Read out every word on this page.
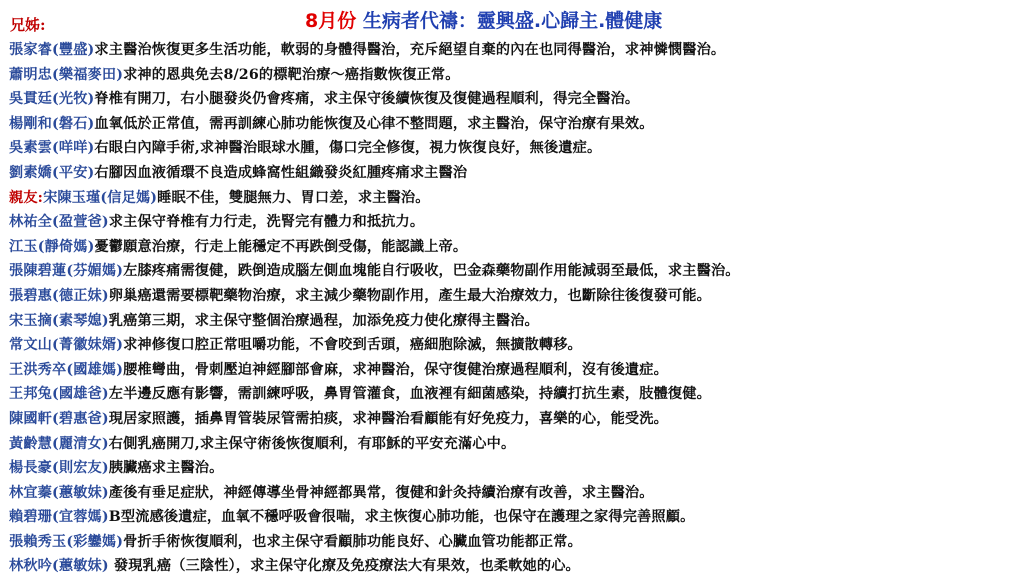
兄姊:	8月份 生病者代禱：靈興盛.心歸主.體健康
張家睿(豐盛)求主醫治恢復更多生活功能，軟弱的身體得醫治，充斥絕望自棄的內在也同得醫治，求神憐憫醫治。
蕭明忠(樂福麥田)求神的恩典免去8/26的標靶治療～癌指數恢復正常。
吳貫廷(光牧)脊椎有開刀，右小腿發炎仍會疼痛，求主保守後續恢復及復健過程順利，得完全醫治。
楊剛和(磐石)血氧低於正常值，需再訓練心肺功能恢復及心律不整問題，求主醫治，保守治療有果效。
吳素雲(咩咩)右眼白內障手術,求神醫治眼球水腫，傷口完全修復，視力恢復良好，無後遺症。
劉素嬌(平安)右腳因血液循環不良造成蜂窩性組織發炎紅腫疼痛求主醫治
親友:宋陳玉瑾(信足媽)睡眠不佳，雙腿無力、胃口差，求主醫治。
林祐全(盈萱爸)求主保守脊椎有力行走，洗腎完有體力和抵抗力。
江玉(靜倚媽)憂鬱願意治療，行走上能穩定不再跌倒受傷，能認識上帝。
張陳碧蓮(芬媚媽)左膝疼痛需復健，跌倒造成腦左側血塊能自行吸收，巴金森藥物副作用能減弱至最低，求主醫治。
張碧惠(德正妹)卵巢癌還需要標靶藥物治療，求主減少藥物副作用，產生最大治療效力，也斷除往後復發可能。
宋玉摘(素琴媳)乳癌第三期，求主保守整個治療過程，加添免疫力使化療得主醫治。
常文山(菁徽妹婿)求神修復口腔正常咀嚼功能，不會咬到舌頭，癌細胞除滅，無擴散轉移。
王洪秀卒(國雄媽)腰椎彎曲，骨刺壓迫神經腳部會麻，求神醫治，保守復健治療過程順利，沒有後遺症。
王邦兔(國雄爸)左半邊反應有影響，需訓練呼吸，鼻胃管灌食，血液裡有細菌感染，持續打抗生素，肢體復健。
陳國軒(碧惠爸)現居家照護，插鼻胃管裝尿管需拍痰，求神醫治看顧能有好免疫力，喜樂的心，能受洗。
黃齡慧(麗清女)右側乳癌開刀,求主保守術後恢復順利，有耶穌的平安充滿心中。
楊長豪(則宏友)胰臟癌求主醫治。
林宜蓁(蕙敏妹)產後有垂足症狀，神經傳導坐骨神經都異常，復健和針灸持續治療有改善，求主醫治。
賴碧珊(宜蓉媽)B型流感後遺症，血氧不穩呼吸會很喘，求主恢復心肺功能，也保守在護理之家得完善照顧。
張賴秀玉(彩鑾媽)骨折手術恢復順利，也求主保守看顧肺功能良好、心臟血管功能都正常。
林秋吟(蕙敏妹) 發現乳癌（三陰性），求主保守化療及免疫療法大有果效，也柔軟她的心。
